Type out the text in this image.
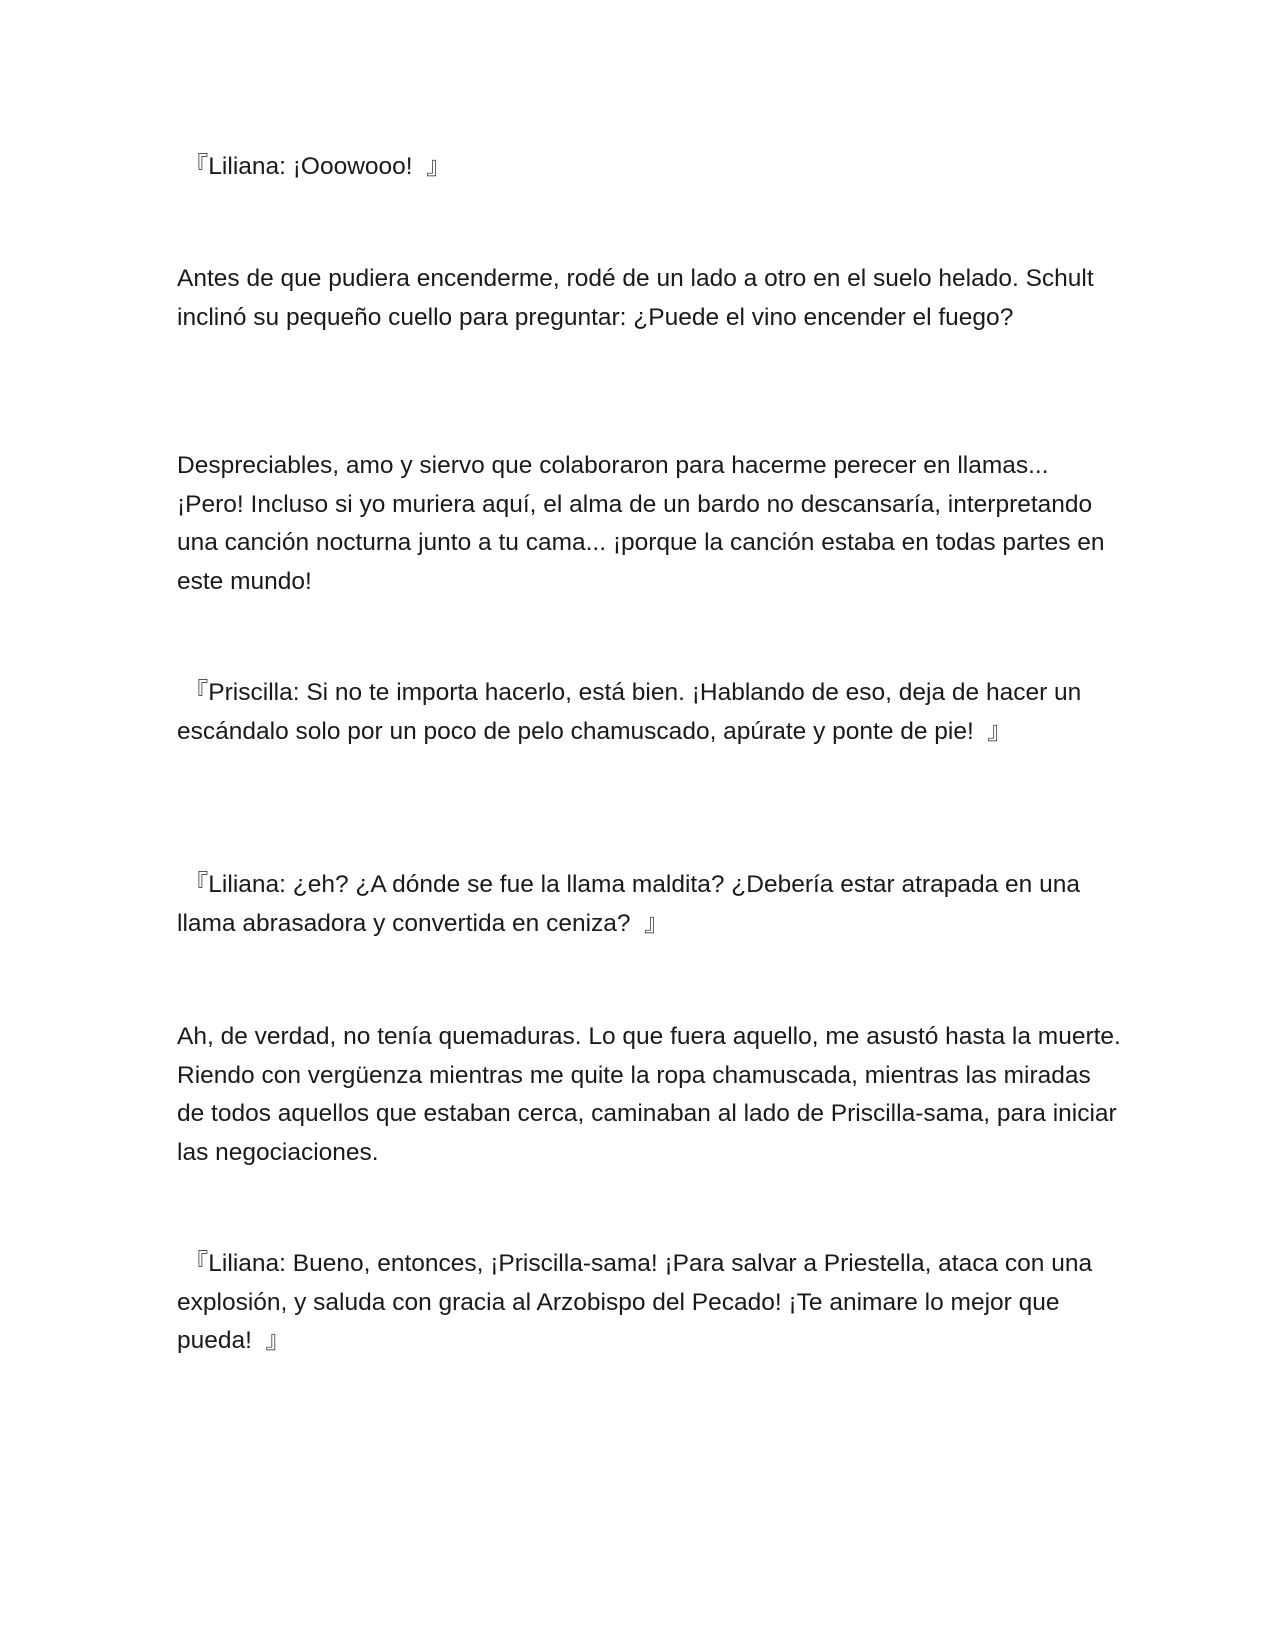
『Liliana: ¡Ooowooo!  』

Antes de que pudiera encenderme, rodé de un lado a otro en el suelo helado. Schult inclinó su pequeño cuello para preguntar: ¿Puede el vino encender el fuego?

Despreciables, amo y siervo que colaboraron para hacerme perecer en llamas... ¡Pero! Incluso si yo muriera aquí, el alma de un bardo no descansaría, interpretando una canción nocturna junto a tu cama... ¡porque la canción estaba en todas partes en este mundo!

『Priscilla: Si no te importa hacerlo, está bien. ¡Hablando de eso, deja de hacer un escándalo solo por un poco de pelo chamuscado, apúrate y ponte de pie!  』

『Liliana: ¿eh? ¿A dónde se fue la llama maldita? ¿Debería estar atrapada en una llama abrasadora y convertida en ceniza?  』

Ah, de verdad, no tenía quemaduras. Lo que fuera aquello, me asustó hasta la muerte. Riendo con vergüenza mientras me quite la ropa chamuscada, mientras las miradas de todos aquellos que estaban cerca, caminaban al lado de Priscilla-sama, para iniciar las negociaciones.

『Liliana: Bueno, entonces, ¡Priscilla-sama! ¡Para salvar a Priestella, ataca con una explosión, y saluda con gracia al Arzobispo del Pecado! ¡Te animare lo mejor que pueda!  』
